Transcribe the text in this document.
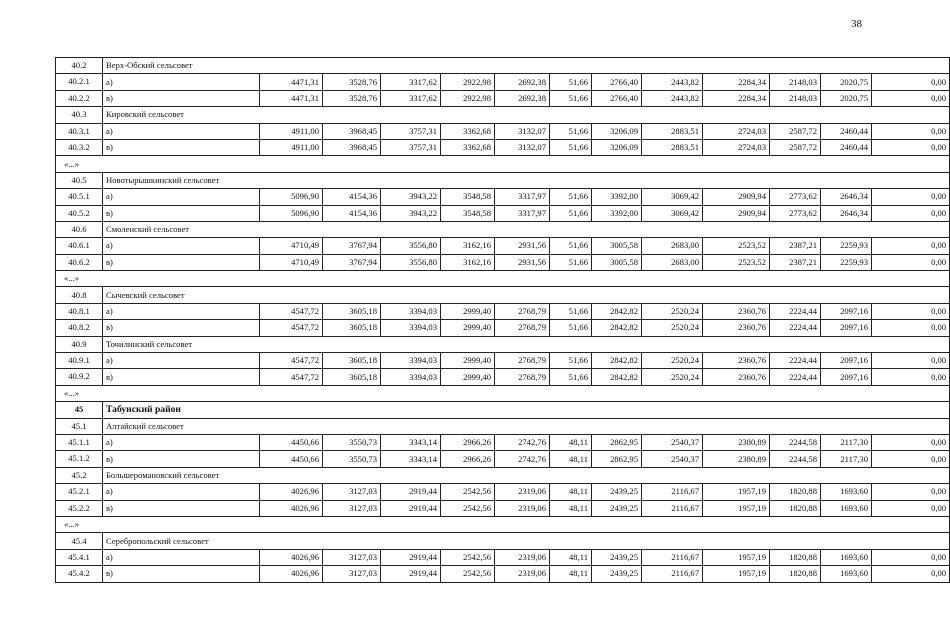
38
40.2	Верх-Обский сельсовет												
40.2.1	а)	4471,31	3528,76	3317,62	2922,98	2692,38	51,66	2766,40	2443,82	2284,34	2148,03	2020,75	0,00
40.2.2	в)	4471,31	3528,76	3317,62	2922,98	2692,38	51,66	2766,40	2443,82	2284,34	2148,03	2020,75	0,00
40.3	Кировский сельсовет												
40.3.1	а)	4911,00	3968,45	3757,31	3362,68	3132,07	51,66	3206,09	2883,51	2724,03	2587,72	2460,44	0,00
40.3.2	в)	4911,00	3968,45	3757,31	3362,68	3132,07	51,66	3206,09	2883,51	2724,03	2587,72	2460,44	0,00
«...»													
40.5	Новотырышкинский сельсовет												
40.5.1	а)	5096,90	4154,36	3943,22	3548,58	3317,97	51,66	3392,00	3069,42	2909,94	2773,62	2646,34	0,00
40.5.2	в)	5096,90	4154,36	3943,22	3548,58	3317,97	51,66	3392,00	3069,42	2909,94	2773,62	2646,34	0,00
40.6	Смоленский сельсовет												
40.6.1	а)	4710,49	3767,94	3556,80	3162,16	2931,56	51,66	3005,58	2683,00	2523,52	2387,21	2259,93	0,00
40.6.2	в)	4710,49	3767,94	3556,80	3162,16	2931,56	51,66	3005,58	2683,00	2523,52	2387,21	2259,93	0,00
«...»													
40.8	Сычевский сельсовет												
40.8.1	а)	4547,72	3605,18	3394,03	2999,40	2768,79	51,66	2842,82	2520,24	2360,76	2224,44	2097,16	0,00
40.8.2	в)	4547,72	3605,18	3394,03	2999,40	2768,79	51,66	2842,82	2520,24	2360,76	2224,44	2097,16	0,00
40.9	Точилинский сельсовет												
40.9.1	а)	4547,72	3605,18	3394,03	2999,40	2768,79	51,66	2842,82	2520,24	2360,76	2224,44	2097,16	0,00
40.9.2	в)	4547,72	3605,18	3394,03	2999,40	2768,79	51,66	2842,82	2520,24	2360,76	2224,44	2097,16	0,00
«...»													
45	Табунский район												
45.1	Алтайский сельсовет												
45.1.1	а)	4450,66	3550,73	3343,14	2966,26	2742,76	48,11	2862,95	2540,37	2380,89	2244,58	2117,30	0,00
45.1.2	в)	4450,66	3550,73	3343,14	2966,26	2742,76	48,11	2862,95	2540,37	2380,89	2244,58	2117,30	0,00
45.2	Большеромановский сельсовет												
45.2.1	а)	4026,96	3127,03	2919,44	2542,56	2319,06	48,11	2439,25	2116,67	1957,19	1820,88	1693,60	0,00
45.2.2	в)	4026,96	3127,03	2919,44	2542,56	2319,06	48,11	2439,25	2116,67	1957,19	1820,88	1693,60	0,00
«...»													
45.4	Серебропольский сельсовет												
45.4.1	а)	4026,96	3127,03	2919,44	2542,56	2319,06	48,11	2439,25	2116,67	1957,19	1820,88	1693,60	0,00
45.4.2	в)	4026,96	3127,03	2919,44	2542,56	2319,06	48,11	2439,25	2116,67	1957,19	1820,88	1693,60	0,00
